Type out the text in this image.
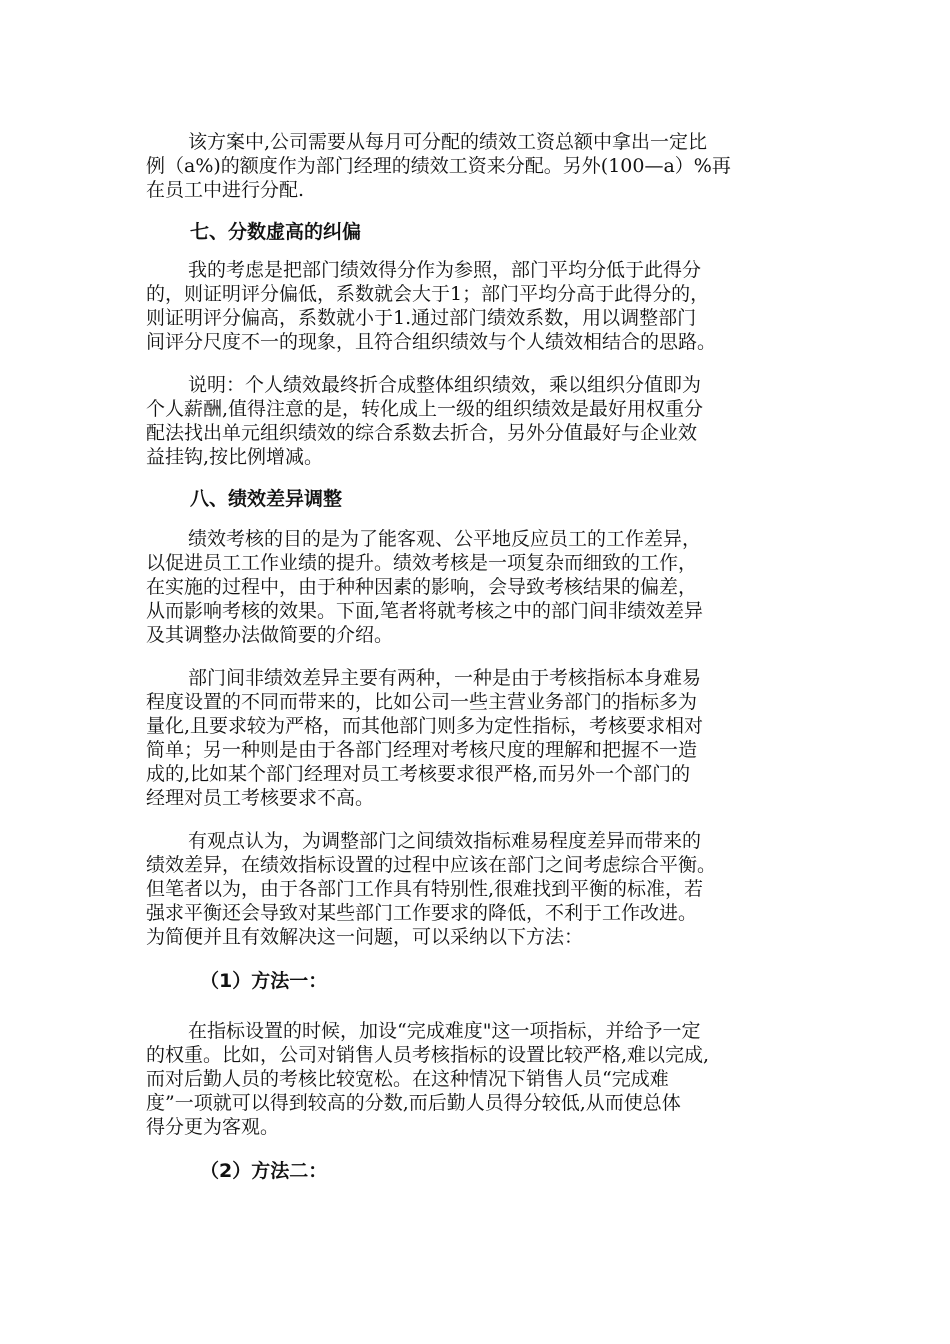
该方案中,公司需要从每月可分配的绩效工资总额中拿出一定比
例（a%)的额度作为部门经理的绩效工资来分配。另外(100—a）%再
在员工中进行分配.
七、分数虚高的纠偏
我的考虑是把部门绩效得分作为参照，部门平均分低于此得分
的，则证明评分偏低，系数就会大于1；部门平均分高于此得分的，
则证明评分偏高，系数就小于1.通过部门绩效系数，用以调整部门
间评分尺度不一的现象，且符合组织绩效与个人绩效相结合的思路。
说明：个人绩效最终折合成整体组织绩效，乘以组织分值即为
个人薪酬,值得注意的是，转化成上一级的组织绩效是最好用权重分
配法找出单元组织绩效的综合系数去折合，另外分值最好与企业效
益挂钩,按比例增减。
八、绩效差异调整
绩效考核的目的是为了能客观、公平地反应员工的工作差异，
以促进员工工作业绩的提升。绩效考核是一项复杂而细致的工作，
在实施的过程中，由于种种因素的影响，会导致考核结果的偏差，
从而影响考核的效果。下面,笔者将就考核之中的部门间非绩效差异
及其调整办法做简要的介绍。
部门间非绩效差异主要有两种，一种是由于考核指标本身难易
程度设置的不同而带来的，比如公司一些主营业务部门的指标多为
量化,且要求较为严格，而其他部门则多为定性指标，考核要求相对
简单；另一种则是由于各部门经理对考核尺度的理解和把握不一造
成的,比如某个部门经理对员工考核要求很严格,而另外一个部门的
经理对员工考核要求不高。
有观点认为，为调整部门之间绩效指标难易程度差异而带来的
绩效差异，在绩效指标设置的过程中应该在部门之间考虑综合平衡。
但笔者以为，由于各部门工作具有特别性,很难找到平衡的标准，若
强求平衡还会导致对某些部门工作要求的降低，不利于工作改进。
为简便并且有效解决这一问题，可以采纳以下方法：
（1）方法一：
在指标设置的时候，加设“完成难度"这一项指标，并给予一定
的权重。比如，公司对销售人员考核指标的设置比较严格,难以完成,
而对后勤人员的考核比较宽松。在这种情况下销售人员“完成难
度”一项就可以得到较高的分数,而后勤人员得分较低,从而使总体
得分更为客观。
（2）方法二：
